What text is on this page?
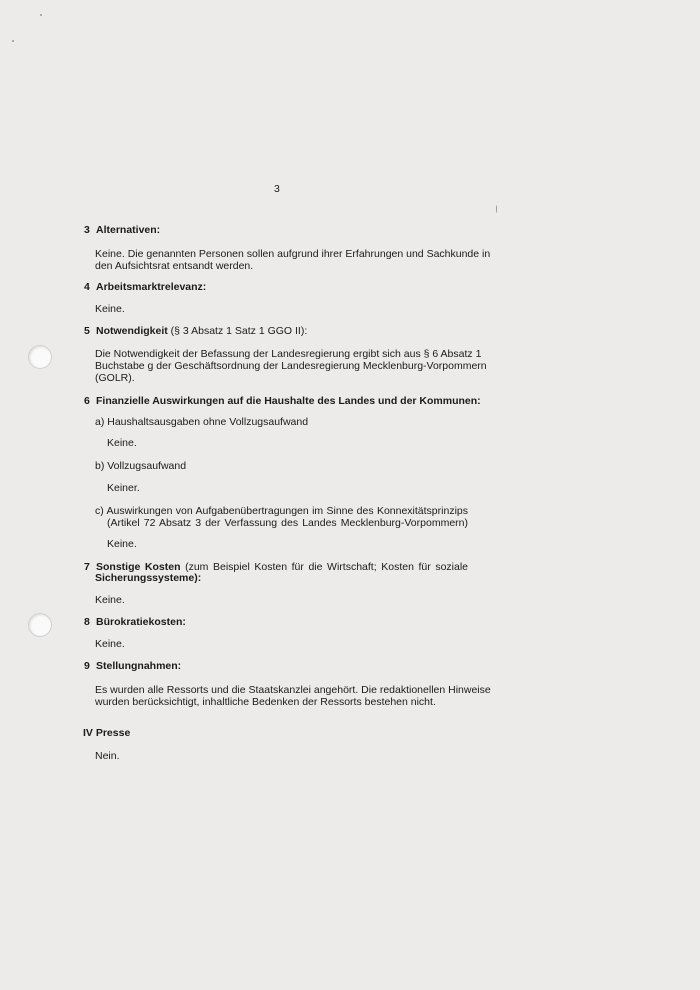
3
3 Alternativen:
Keine. Die genannten Personen sollen aufgrund ihrer Erfahrungen und Sachkunde in
den Aufsichtsrat entsandt werden.
4 Arbeitsmarktrelevanz:
Keine.
5 Notwendigkeit (§ 3 Absatz 1 Satz 1 GGO II):
Die Notwendigkeit der Befassung der Landesregierung ergibt sich aus § 6 Absatz 1
Buchstabe g der Geschäftsordnung der Landesregierung Mecklenburg-Vorpommern
(GOLR).
6 Finanzielle Auswirkungen auf die Haushalte des Landes und der Kommunen:
a) Haushaltsausgaben ohne Vollzugsaufwand
Keine.
b) Vollzugsaufwand
Keiner.
c) Auswirkungen von Aufgabenübertragungen im Sinne des Konnexitätsprinzips
(Artikel 72 Absatz 3 der Verfassung des Landes Mecklenburg-Vorpommern)
Keine.
7 Sonstige Kosten (zum Beispiel Kosten für die Wirtschaft; Kosten für soziale
Sicherungssysteme):
Keine.
8 Bürokratiekosten:
Keine.
9 Stellungnahmen:
Es wurden alle Ressorts und die Staatskanzlei angehört. Die redaktionellen Hinweise
wurden berücksichtigt, inhaltliche Bedenken der Ressorts bestehen nicht.
IV Presse
Nein.
